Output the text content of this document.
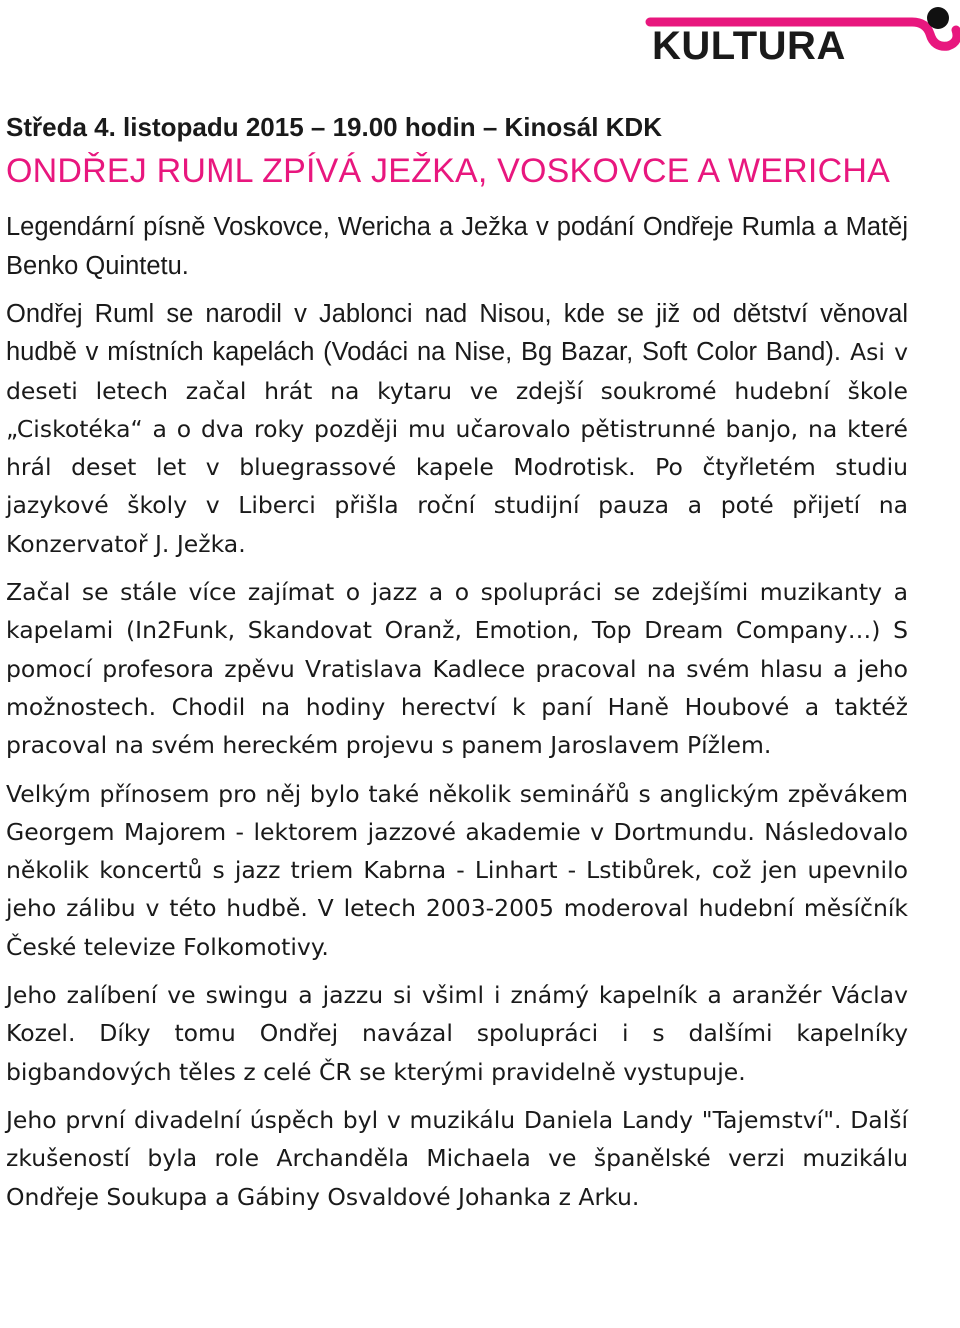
KULTURA
Středa 4. listopadu 2015 – 19.00 hodin – Kinosál KDK
ONDŘEJ RUML ZPÍVÁ JEŽKA, VOSKOVCE A WERICHA
Legendární písně Voskovce, Wericha a Ježka v podání Ondřeje Rumla a Matěj Benko Quintetu.

Ondřej Ruml se narodil v Jablonci nad Nisou, kde se již od dětství věnoval hudbě v místních kapelách (Vodáci na Nise, Bg Bazar, Soft Color Band). Asi v deseti letech začal hrát na kytaru ve zdejší soukromé hudební škole „Ciskotéka“ a o dva roky později mu učarovalo pětistrunné banjo, na které hrál deset let v bluegrassové kapele Modrotisk. Po čtyřletém studiu jazykové školy v Liberci přišla roční studijní pauza a poté přijetí na Konzervatoř J. Ježka.

Začal se stále více zajímat o jazz a o spolupráci se zdejšími muzikanty a kapelami (In2Funk, Skandovat Oranž, Emotion, Top Dream Company…) S pomocí profesora zpěvu Vratislava Kadlece pracoval na svém hlasu a jeho možnostech. Chodil na hodiny herectví k paní Haně Houbové a taktéž pracoval na svém hereckém projevu s panem Jaroslavem Pížlem.

Velkým přínosem pro něj bylo také několik seminářů s anglickým zpěvákem Georgem Majorem - lektorem jazzové akademie v Dortmundu. Následovalo několik koncertů s jazz triem Kabrna - Linhart - Lstibůrek, což jen upevnilo jeho zálibu v této hudbě. V letech 2003-2005 moderoval hudební měsíčník České televize Folkomotivy.

Jeho zalíbení ve swingu a jazzu si všiml i známý kapelník a aranžér Václav Kozel. Díky tomu Ondřej navázal spolupráci i s dalšími kapelníky bigbandových těles z celé ČR se kterými pravidelně vystupuje.

Jeho první divadelní úspěch byl v muzikálu Daniela Landy "Tajemství". Další zkušeností byla role Archanděla Michaela ve španělské verzi muzikálu Ondřeje Soukupa a Gábiny Osvaldové Johanka z Arku.
